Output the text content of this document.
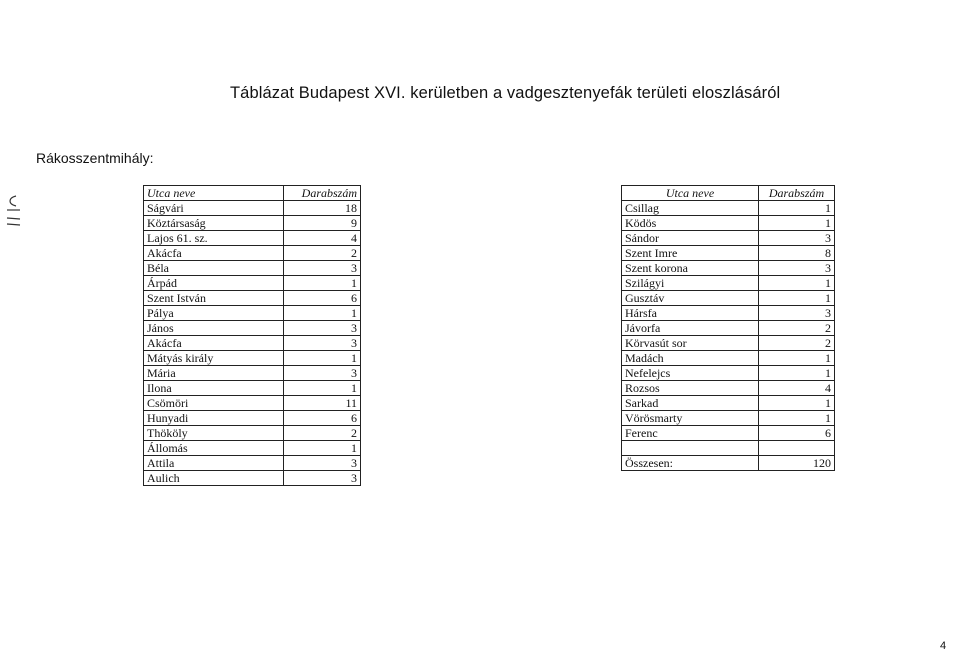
Táblázat Budapest XVI. kerületben a vadgesztenyefák területi eloszlásáról
Rákosszentmihály:
Utca neve	Darabszám
Ságvári	18
Köztársaság	9
Lajos 61. sz.	4
Akácfa	2
Béla	3
Árpád	1
Szent István	6
Pálya	1
János	3
Akácfa	3
Mátyás király	1
Mária	3
Ilona	1
Csömöri	11
Hunyadi	6
Thököly	2
Állomás	1
Attila	3
Aulich	3
Utca neve	Darabszám
Csillag	1
Ködös	1
Sándor	3
Szent Imre	8
Szent korona	3
Szilágyi	1
Gusztáv	1
Hársfa	3
Jávorfa	2
Körvasút sor	2
Madách	1
Nefelejcs	1
Rozsos	4
Sarkad	1
Vörösmarty	1
Ferenc	6

Összesen:	120
4
